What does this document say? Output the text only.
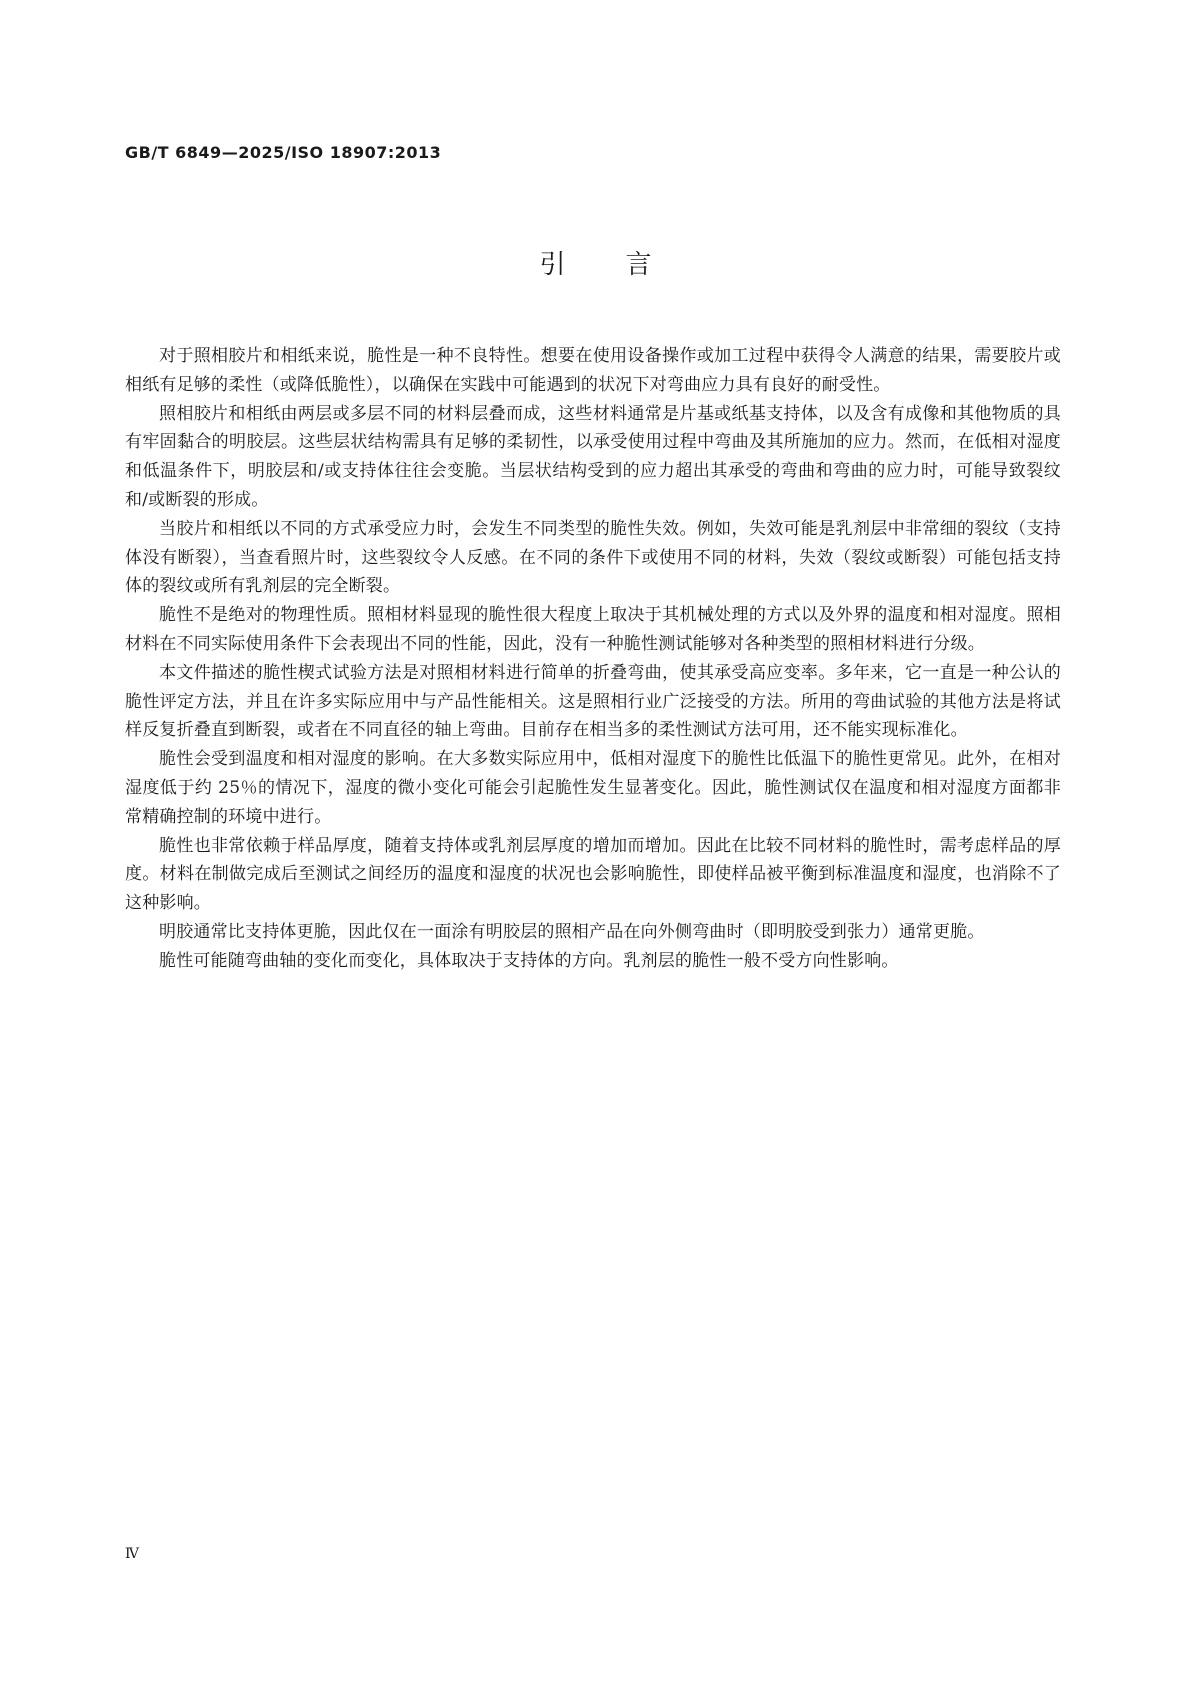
GB/T 6849—2025/ISO 18907:2013
引言

对于照相胶片和相纸来说，脆性是一种不良特性。想要在使用设备操作或加工过程中获得令人满意的结果，需要胶片或相纸有足够的柔性（或降低脆性），以确保在实践中可能遇到的状况下对弯曲应力具有良好的耐受性。

照相胶片和相纸由两层或多层不同的材料层叠而成，这些材料通常是片基或纸基支持体，以及含有成像和其他物质的具有牢固黏合的明胶层。这些层状结构需具有足够的柔韧性，以承受使用过程中弯曲及其所施加的应力。然而，在低相对湿度和低温条件下，明胶层和/或支持体往往会变脆。当层状结构受到的应力超出其承受的弯曲和弯曲的应力时，可能导致裂纹和/或断裂的形成。

当胶片和相纸以不同的方式承受应力时，会发生不同类型的脆性失效。例如，失效可能是乳剂层中非常细的裂纹（支持体没有断裂），当查看照片时，这些裂纹令人反感。在不同的条件下或使用不同的材料，失效（裂纹或断裂）可能包括支持体的裂纹或所有乳剂层的完全断裂。

脆性不是绝对的物理性质。照相材料显现的脆性很大程度上取决于其机械处理的方式以及外界的温度和相对湿度。照相材料在不同实际使用条件下会表现出不同的性能，因此，没有一种脆性测试能够对各种类型的照相材料进行分级。

本文件描述的脆性楔式试验方法是对照相材料进行简单的折叠弯曲，使其承受高应变率。多年来，它一直是一种公认的脆性评定方法，并且在许多实际应用中与产品性能相关。这是照相行业广泛接受的方法。所用的弯曲试验的其他方法是将试样反复折叠直到断裂，或者在不同直径的轴上弯曲。目前存在相当多的柔性测试方法可用，还不能实现标准化。

脆性会受到温度和相对湿度的影响。在大多数实际应用中，低相对湿度下的脆性比低温下的脆性更常见。此外，在相对湿度低于约 25％的情况下，湿度的微小变化可能会引起脆性发生显著变化。因此，脆性测试仅在温度和相对湿度方面都非常精确控制的环境中进行。

脆性也非常依赖于样品厚度，随着支持体或乳剂层厚度的增加而增加。因此在比较不同材料的脆性时，需考虑样品的厚度。材料在制做完成后至测试之间经历的温度和湿度的状况也会影响脆性，即使样品被平衡到标准温度和湿度，也消除不了这种影响。

明胶通常比支持体更脆，因此仅在一面涂有明胶层的照相产品在向外侧弯曲时（即明胶受到张力）通常更脆。

脆性可能随弯曲轴的变化而变化，具体取决于支持体的方向。乳剂层的脆性一般不受方向性影响。

Ⅳ
